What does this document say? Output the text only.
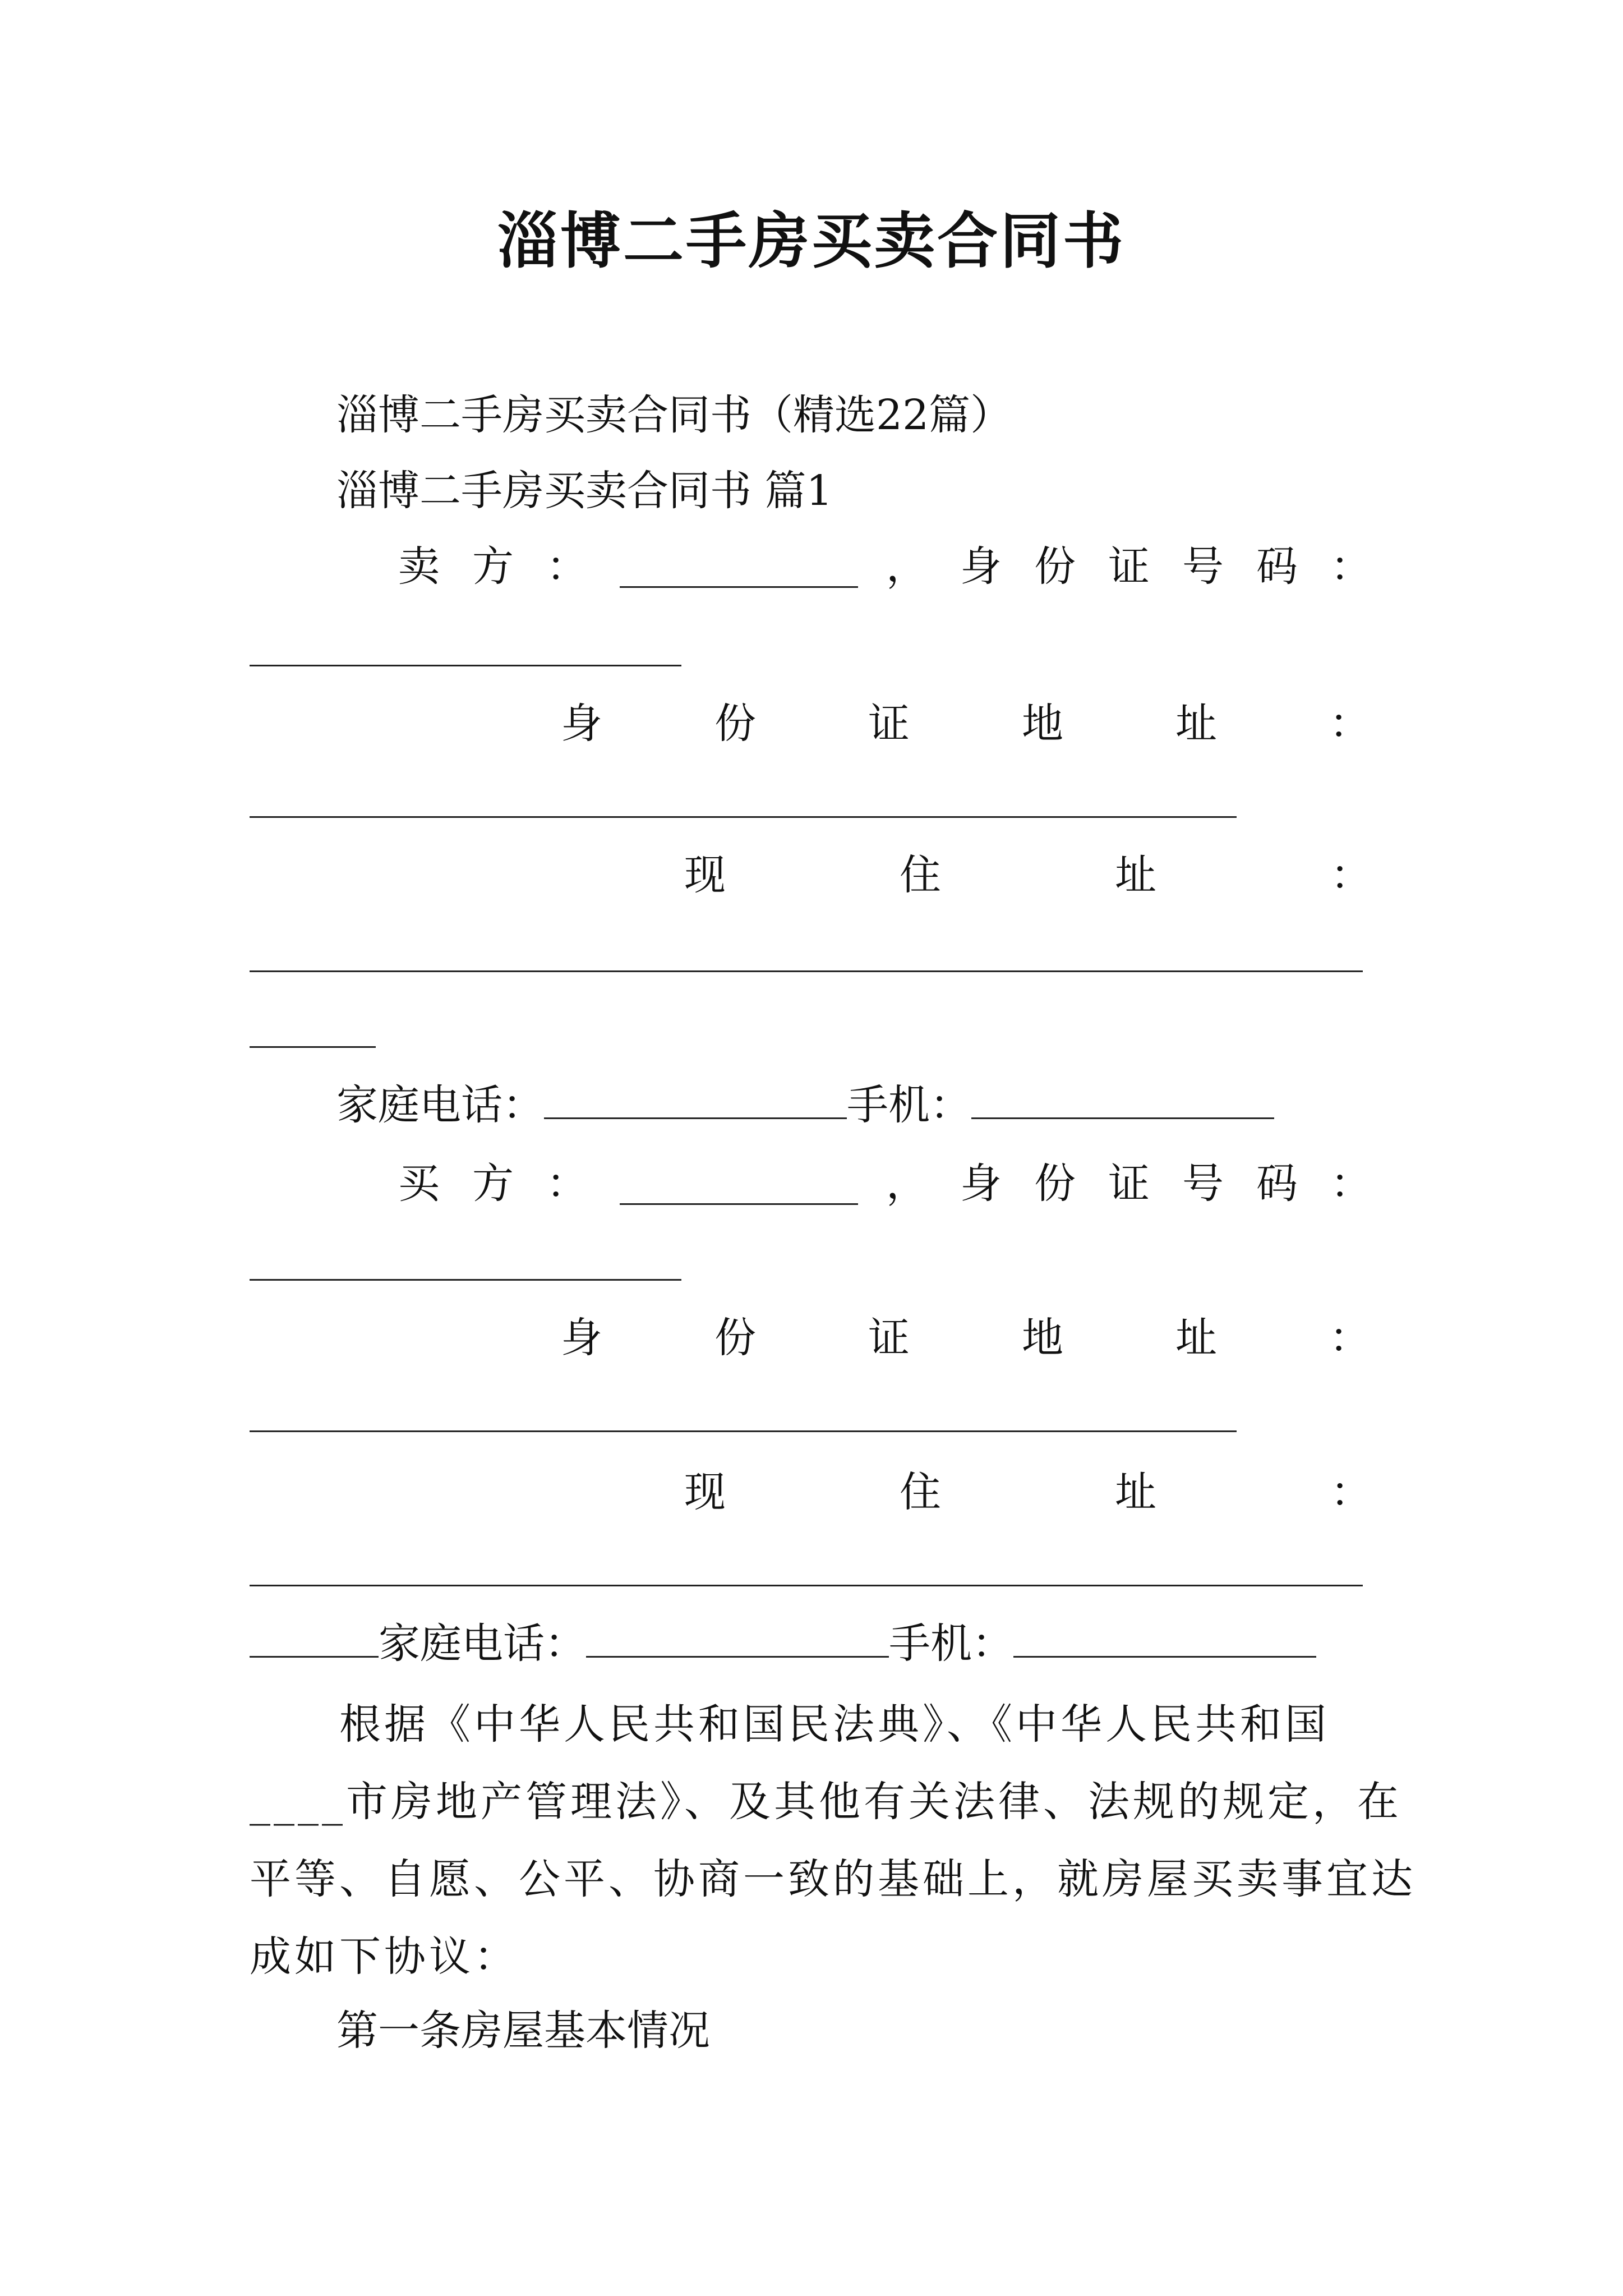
淄博二手房买卖合同书
淄博二手房买卖合同书（精选22篇）
淄博二手房买卖合同书 篇1
卖方：	，身份证号码：
身份证地址：
现住址：
家庭电话：	手机：
买方：	，身份证号码：
身份证地址：
现住址：
家庭电话：	手机：
根据《中华人民共和国民法典》、《中华人民共和国____市房地产管理法》、及其他有关法律、法规的规定，在平等、自愿、公平、协商一致的基础上，就房屋买卖事宜达成如下协议：
第一条房屋基本情况
